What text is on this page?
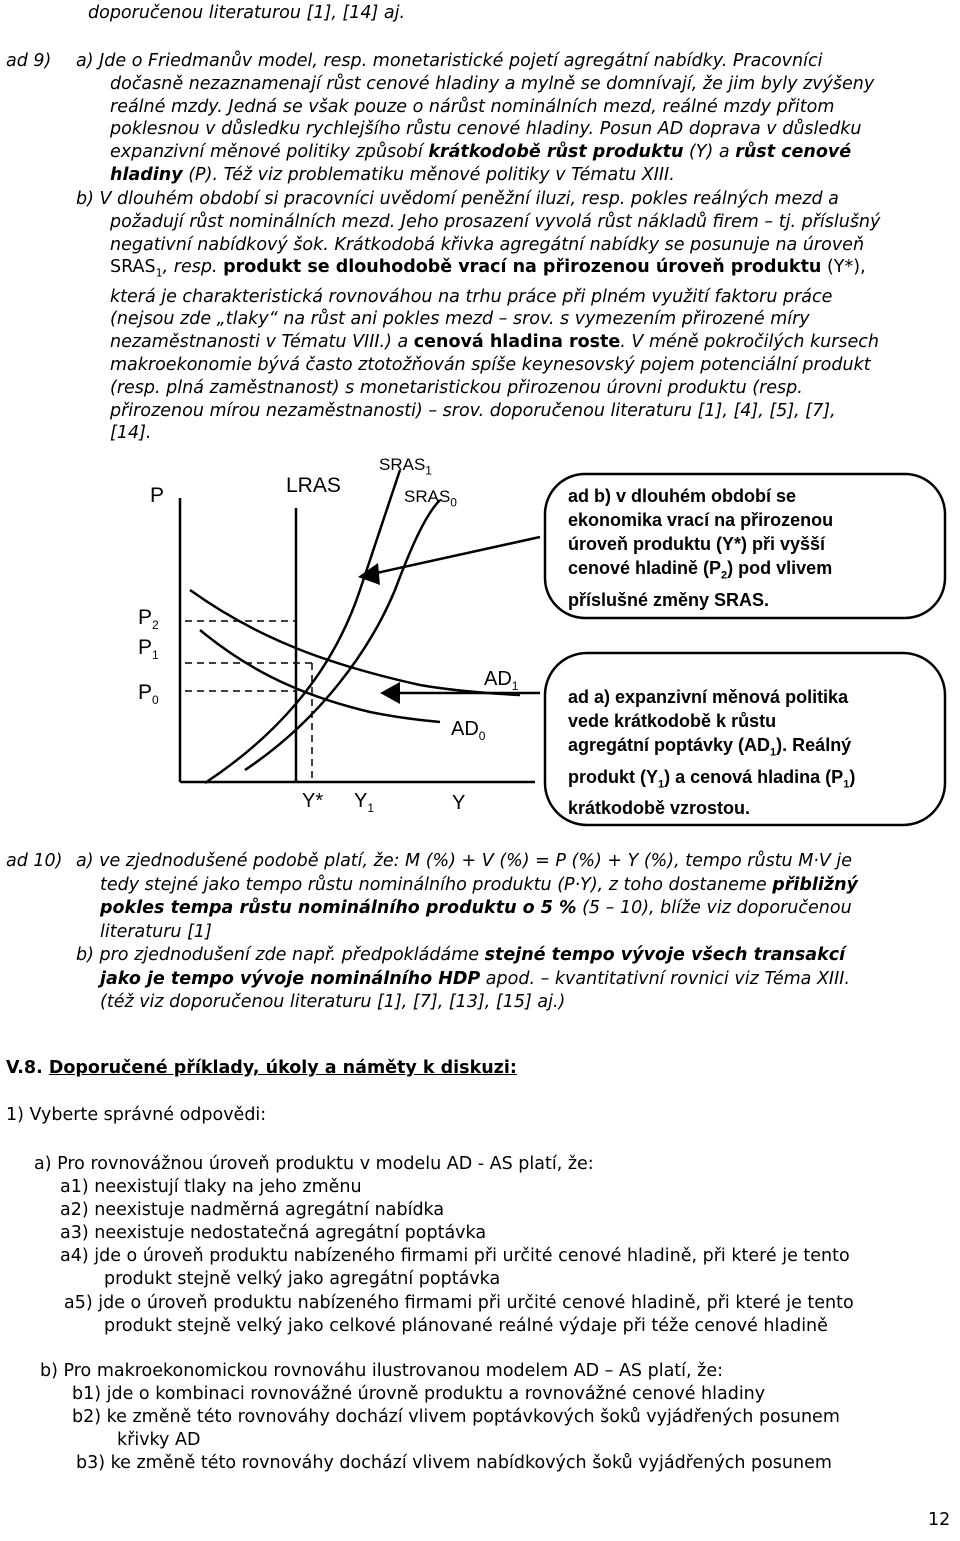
doporučenou literaturou [1], [14] aj.
ad 9) a) Jde o Friedmanův model, resp. monetaristické pojetí agregátní nabídky. Pracovníci
dočasně nezaznamenají růst cenové hladiny a mylně se domnívají, že jim byly zvýšeny
reálné mzdy. Jedná se však pouze o nárůst nominálních mezd, reálné mzdy přitom
poklesnou v důsledku rychlejšího růstu cenové hladiny. Posun AD doprava v důsledku
expanzivní měnové politiky způsobí krátkodobě růst produktu (Y) a růst cenové
hladiny (P). Též viz problematiku měnové politiky v Tématu XIII.
b) V dlouhém období si pracovníci uvědomí peněžní iluzi, resp. pokles reálných mezd a
požadují růst nominálních mezd. Jeho prosazení vyvolá růst nákladů firem – tj. příslušný
negativní nabídkový šok. Krátkodobá křivka agregátní nabídky se posunuje na úroveň
$SRAS_1$, resp. produkt se dlouhodobě vrací na přirozenou úroveň produktu (Y*),
která je charakteristická rovnováhou na trhu práce při plném využití faktoru práce
(nejsou zde „tlaky“ na růst ani pokles mezd – srov. s vymezením přirozené míry
nezaměstnanosti v Tématu VIII.) a cenová hladina roste. V méně pokročilých kursech
makroekonomie bývá často ztotožňován spíše keynesovský pojem potenciální produkt
(resp. plná zaměstnanost) s monetaristickou přirozenou úrovni produktu (resp.
přirozenou mírou nezaměstnanosti) – srov. doporučenou literaturu [1], [4], [5], [7],
[14].
P	LRAS
$SRAS_1$
$SRAS_0$
$P_2$
$P_1$
$P_0$
$AD_1$
$AD_0$
Y* $Y_1$	Y
ad b) v dlouhém období se
ekonomika vrací na přirozenou
úroveň produktu (Y*) při vyšší
cenové hladině $(P_2)$ pod vlivem
příslušné změny SRAS.
ad a) expanzivní měnová politika
vede krátkodobě k růstu
agregátní poptávky $(AD_1)$. Reálný
produkt $(Y_1)$ a cenová hladina $(P_1)$
krátkodobě vzrostou.
ad 10) a) ve zjednodušené podobě platí, že: M (%) + V (%) = P (%) + Y (%), tempo růstu M·V je
tedy stejné jako tempo růstu nominálního produktu (P·Y), z toho dostaneme přibližný
pokles tempa růstu nominálního produktu o 5 % (5 – 10), blíže viz doporučenou
literaturu [1]
b) pro zjednodušení zde např. předpokládáme stejné tempo vývoje všech transakcí
jako je tempo vývoje nominálního HDP apod. – kvantitativní rovnici viz Téma XIII.
(též viz doporučenou literaturu [1], [7], [13], [15] aj.)
V.8. Doporučené příklady, úkoly a náměty k diskuzi:
1) Vyberte správné odpovědi:
a) Pro rovnovážnou úroveň produktu v modelu AD - AS platí, že:
a1) neexistují tlaky na jeho změnu
a2) neexistuje nadměrná agregátní nabídka
a3) neexistuje nedostatečná agregátní poptávka
a4) jde o úroveň produktu nabízeného firmami při určité cenové hladině, při které je tento
produkt stejně velký jako agregátní poptávka
a5) jde o úroveň produktu nabízeného firmami při určité cenové hladině, při které je tento
produkt stejně velký jako celkové plánované reálné výdaje při téže cenové hladině
b) Pro makroekonomickou rovnováhu ilustrovanou modelem AD – AS platí, že:
b1) jde o kombinaci rovnovážné úrovně produktu a rovnovážné cenové hladiny
b2) ke změně této rovnováhy dochází vlivem poptávkových šoků vyjádřených posunem
křivky AD
b3) ke změně této rovnováhy dochází vlivem nabídkových šoků vyjádřených posunem
12
